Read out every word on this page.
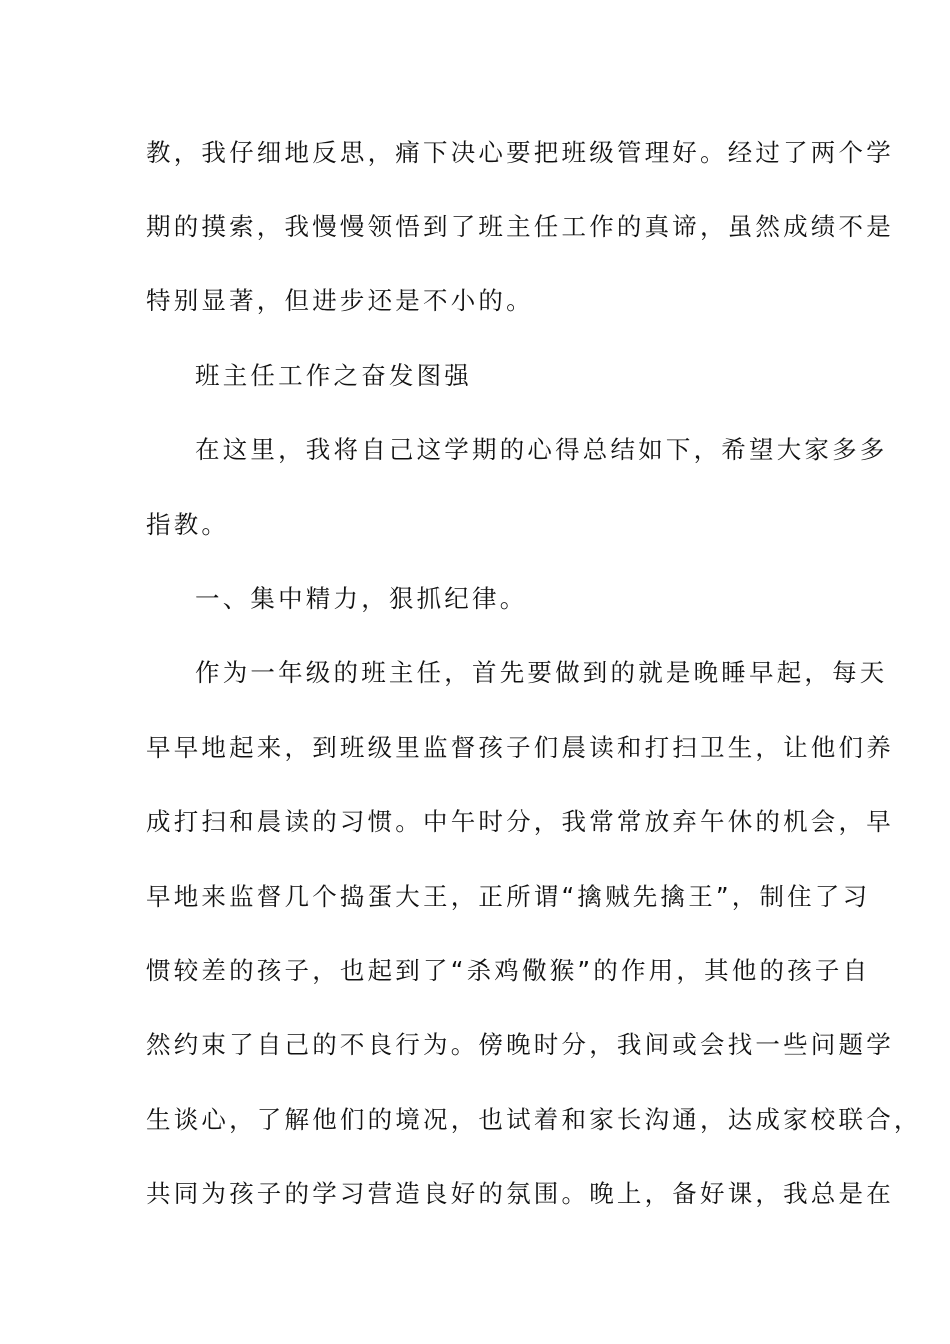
教，我仔细地反思，痛下决心要把班级管理好。经过了两个学
期的摸索，我慢慢领悟到了班主任工作的真谛，虽然成绩不是
特别显著，但进步还是不小的。
班主任工作之奋发图强
在这里，我将自己这学期的心得总结如下，希望大家多多
指教。
一、集中精力，狠抓纪律。
作为一年级的班主任，首先要做到的就是晚睡早起，每天
早早地起来，到班级里监督孩子们晨读和打扫卫生，让他们养
成打扫和晨读的习惯。中午时分，我常常放弃午休的机会，早
早地来监督几个捣蛋大王，正所谓“擒贼先擒王”，制住了习
惯较差的孩子，也起到了“杀鸡儆猴”的作用，其他的孩子自
然约束了自己的不良行为。傍晚时分，我间或会找一些问题学
生谈心，了解他们的境况，也试着和家长沟通，达成家校联合，
共同为孩子的学习营造良好的氛围。晚上，备好课，我总是在
